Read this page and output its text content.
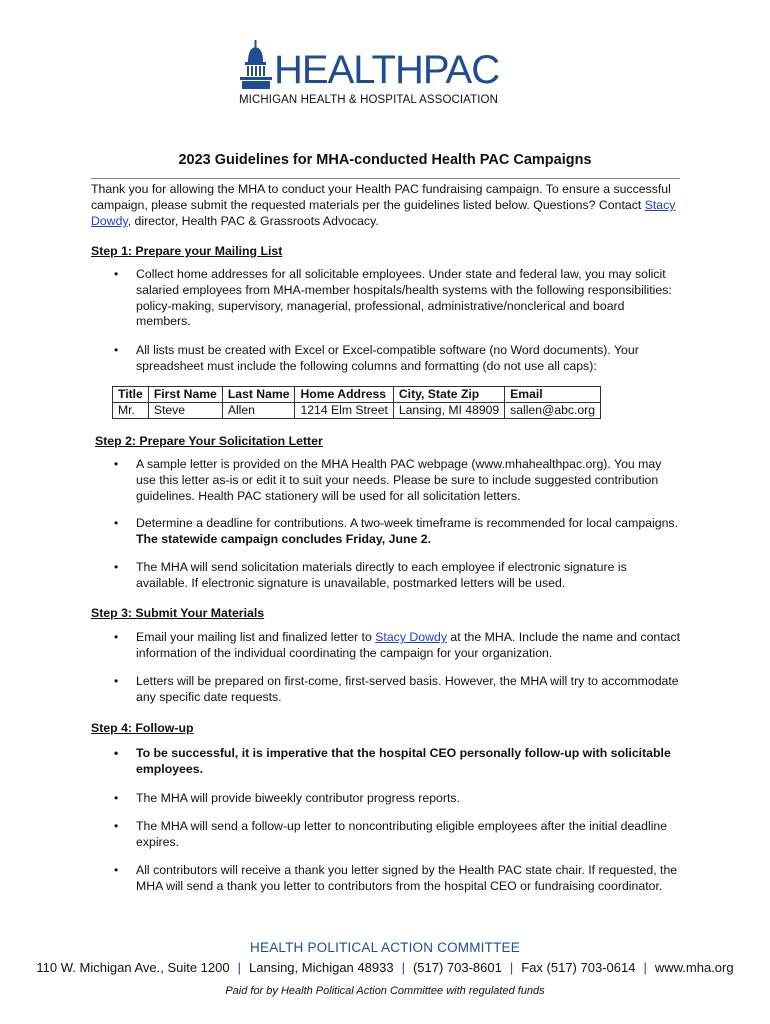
HEALTHPAC
MICHIGAN HEALTH & HOSPITAL ASSOCIATION
2023 Guidelines for MHA-conducted Health PAC Campaigns
Thank you for allowing the MHA to conduct your Health PAC fundraising campaign. To ensure a successful campaign, please submit the requested materials per the guidelines listed below. Questions? Contact Stacy Dowdy, director, Health PAC & Grassroots Advocacy.
Step 1: Prepare your Mailing List
• Collect home addresses for all solicitable employees. Under state and federal law, you may solicit salaried employees from MHA-member hospitals/health systems with the following responsibilities: policy-making, supervisory, managerial, professional, administrative/nonclerical and board members.
• All lists must be created with Excel or Excel-compatible software (no Word documents). Your spreadsheet must include the following columns and formatting (do not use all caps):
Title	First Name	Last Name	Home Address	City, State Zip	Email
Mr.	Steve	Allen	1214 Elm Street	Lansing, MI 48909	sallen@abc.org
Step 2: Prepare Your Solicitation Letter
• A sample letter is provided on the MHA Health PAC webpage (www.mhahealthpac.org). You may use this letter as-is or edit it to suit your needs. Please be sure to include suggested contribution guidelines. Health PAC stationery will be used for all solicitation letters.
• Determine a deadline for contributions. A two-week timeframe is recommended for local campaigns. The statewide campaign concludes Friday, June 2.
• The MHA will send solicitation materials directly to each employee if electronic signature is available. If electronic signature is unavailable, postmarked letters will be used.
Step 3: Submit Your Materials
• Email your mailing list and finalized letter to Stacy Dowdy at the MHA. Include the name and contact information of the individual coordinating the campaign for your organization.
• Letters will be prepared on first-come, first-served basis. However, the MHA will try to accommodate any specific date requests.
Step 4: Follow-up
• To be successful, it is imperative that the hospital CEO personally follow-up with solicitable employees.
• The MHA will provide biweekly contributor progress reports.
• The MHA will send a follow-up letter to noncontributing eligible employees after the initial deadline expires.
• All contributors will receive a thank you letter signed by the Health PAC state chair. If requested, the MHA will send a thank you letter to contributors from the hospital CEO or fundraising coordinator.
HEALTH POLITICAL ACTION COMMITTEE
110 W. Michigan Ave., Suite 1200 | Lansing, Michigan 48933 | (517) 703-8601 | Fax (517) 703-0614 | www.mha.org
Paid for by Health Political Action Committee with regulated funds
